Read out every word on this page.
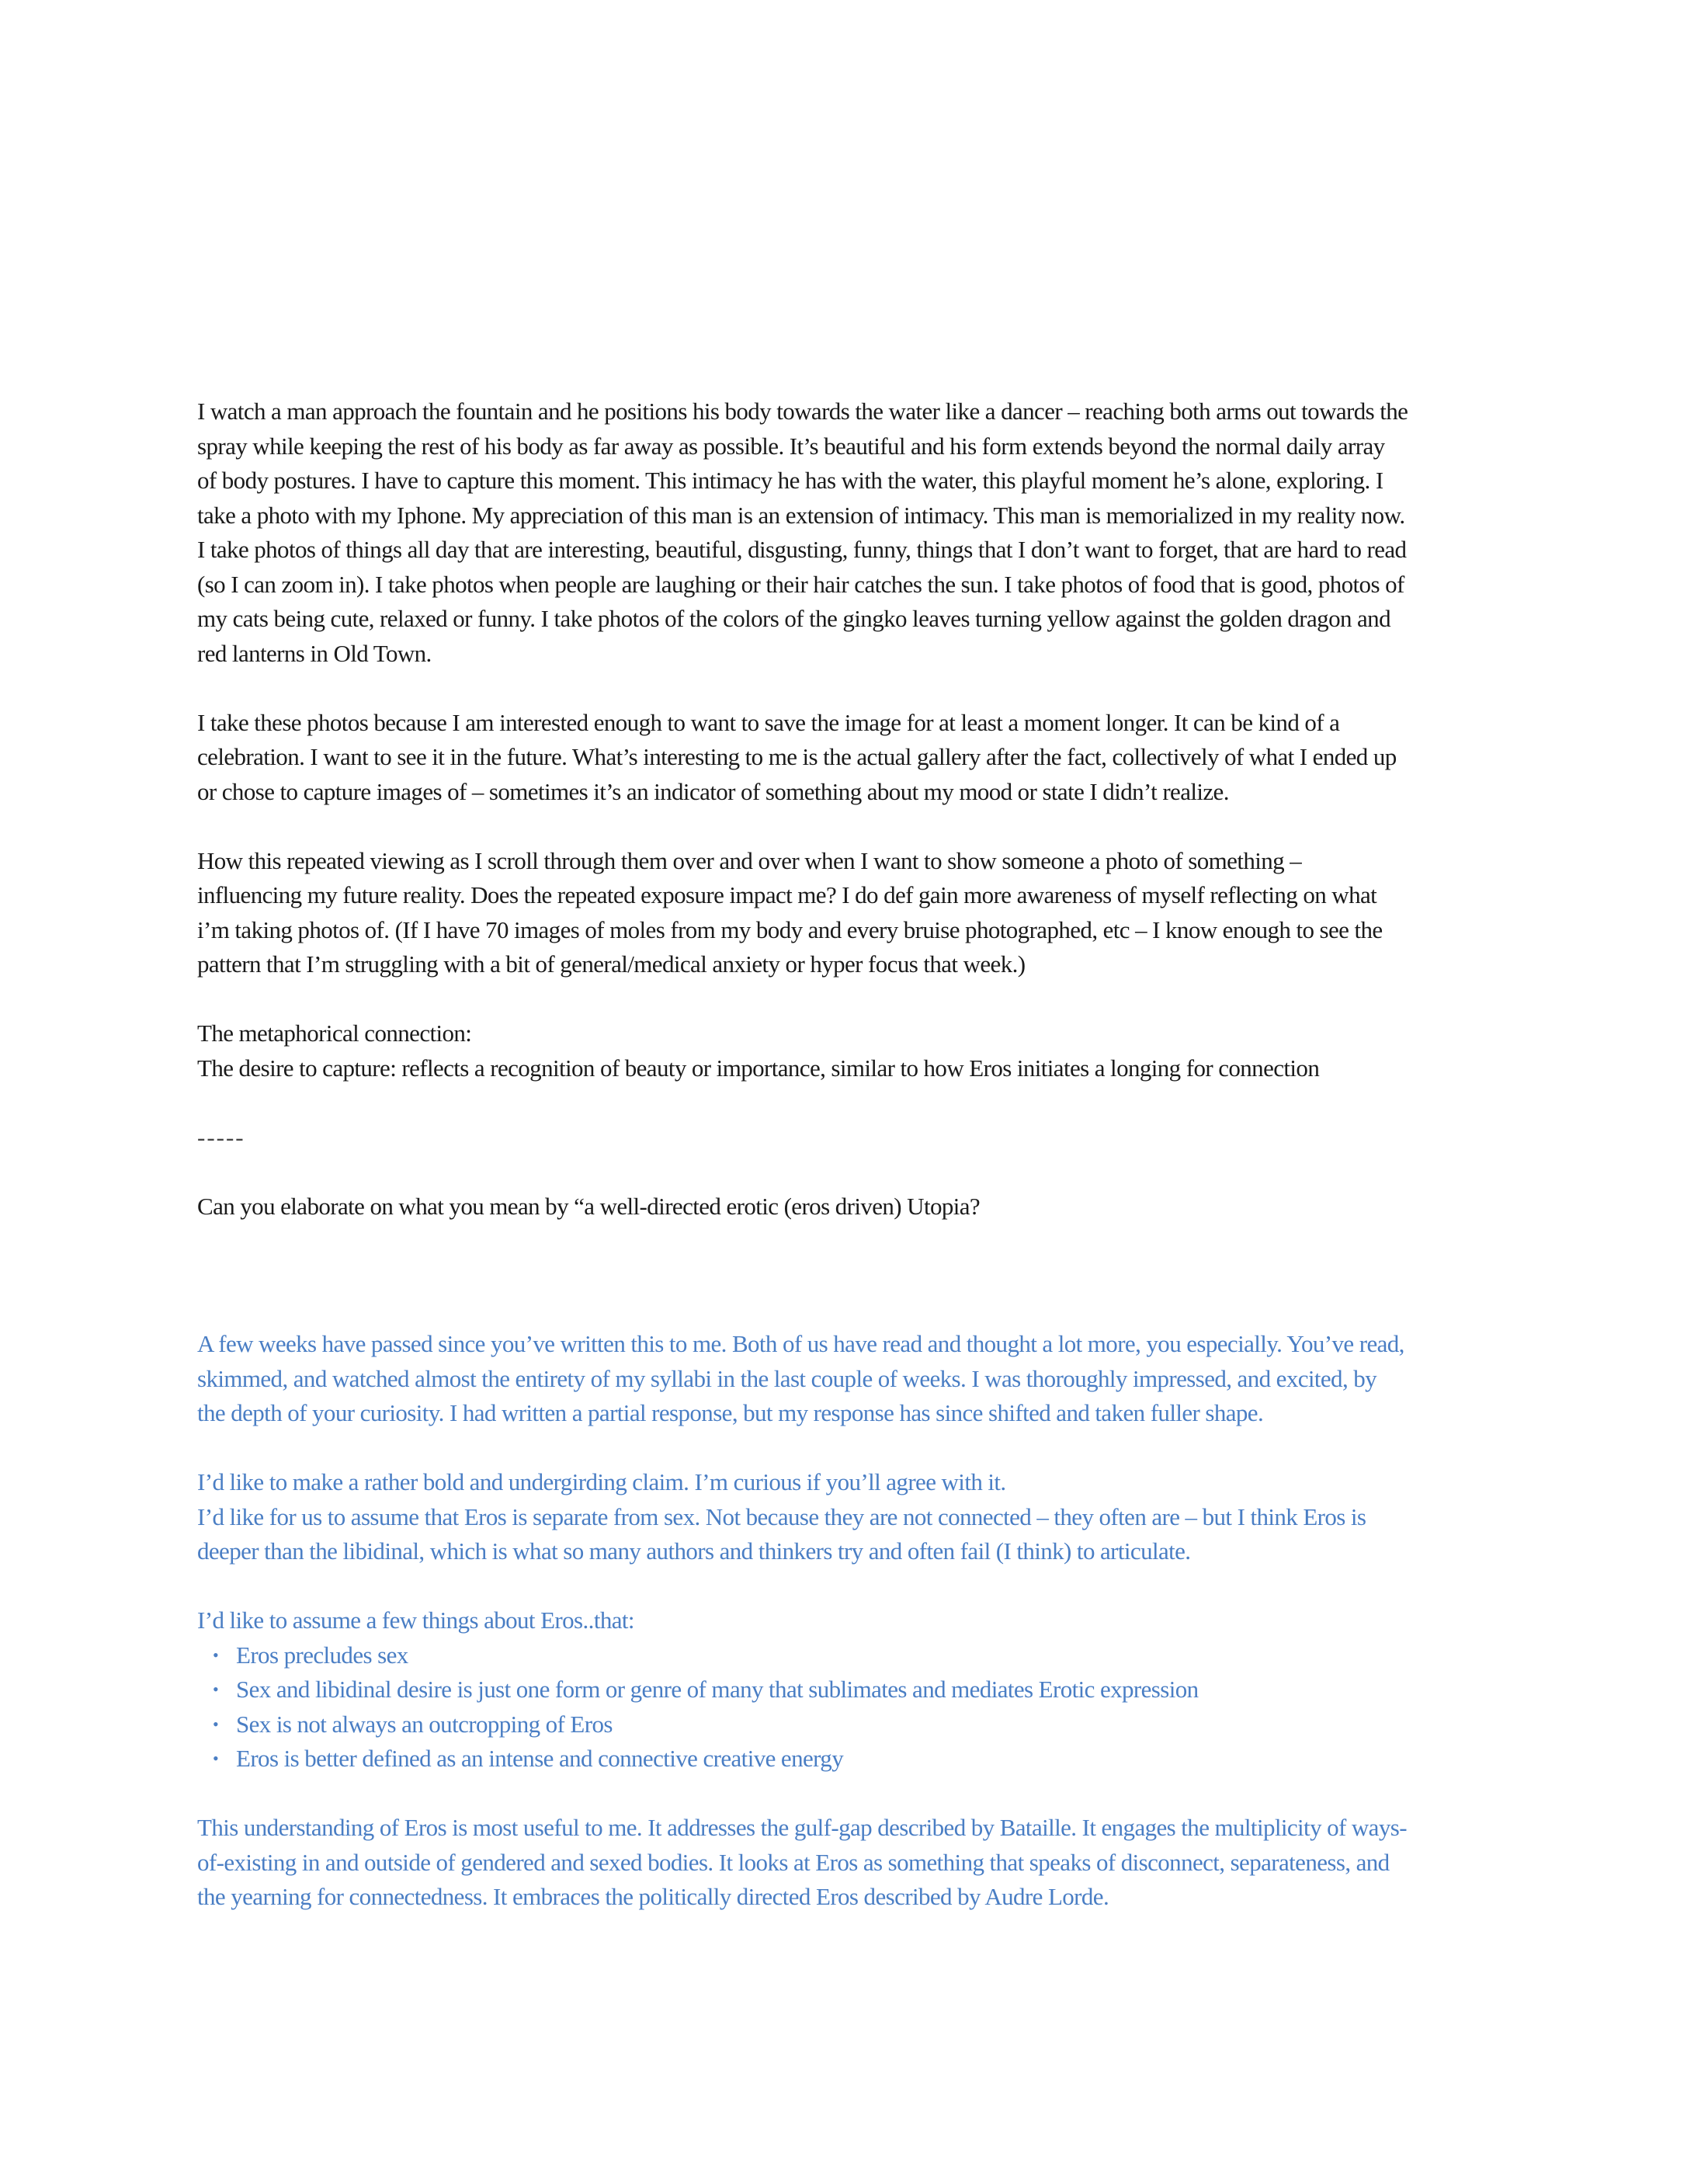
I watch a man approach the fountain and he positions his body towards the water like a dancer – reaching both arms out towards the spray while keeping the rest of his body as far away as possible. It’s beautiful and his form extends beyond the normal daily array of body postures. I have to capture this moment. This intimacy he has with the water, this playful moment he’s alone, exploring. I take a photo with my Iphone. My appreciation of this man is an extension of intimacy. This man is memorialized in my reality now.

I take photos of things all day that are interesting, beautiful, disgusting, funny, things that I don’t want to forget, that are hard to read (so I can zoom in). I take photos when people are laughing or their hair catches the sun. I take photos of food that is good, photos of my cats being cute, relaxed or funny. I take photos of the colors of the gingko leaves turning yellow against the golden dragon and red lanterns in Old Town.

I take these photos because I am interested enough to want to save the image for at least a moment longer. It can be kind of a celebration. I want to see it in the future. What’s interesting to me is the actual gallery after the fact, collectively of what I ended up or chose to capture images of – sometimes it’s an indicator of something about my mood or state I didn’t realize.

How this repeated viewing as I scroll through them over and over when I want to show someone a photo of something – influencing my future reality. Does the repeated exposure impact me? I do def gain more awareness of myself reflecting on what i’m taking photos of. (If I have 70 images of moles from my body and every bruise photographed, etc – I know enough to see the pattern that I’m struggling with a bit of general/medical anxiety or hyper focus that week.)

The metaphorical connection:

The desire to capture: reflects a recognition of beauty or importance, similar to how Eros initiates a longing for connection

-----

Can you elaborate on what you mean by “a well-directed erotic (eros driven) Utopia?

A few weeks have passed since you’ve written this to me. Both of us have read and thought a lot more, you especially. You’ve read, skimmed, and watched almost the entirety of my syllabi in the last couple of weeks. I was thoroughly impressed, and excited, by the depth of your curiosity. I had written a partial response, but my response has since shifted and taken fuller shape.

I’d like to make a rather bold and undergirding claim. I’m curious if you’ll agree with it.

I’d like for us to assume that Eros is separate from sex. Not because they are not connected – they often are – but I think Eros is deeper than the libidinal, which is what so many authors and thinkers try and often fail (I think) to articulate.

I’d like to assume a few things about Eros..that:

• Eros precludes sex
• Sex and libidinal desire is just one form or genre of many that sublimates and mediates Erotic expression
• Sex is not always an outcropping of Eros
• Eros is better defined as an intense and connective creative energy

This understanding of Eros is most useful to me. It addresses the gulf-gap described by Bataille. It engages the multiplicity of ways-of-existing in and outside of gendered and sexed bodies. It looks at Eros as something that speaks of disconnect, separateness, and the yearning for connectedness. It embraces the politically directed Eros described by Audre Lorde.
